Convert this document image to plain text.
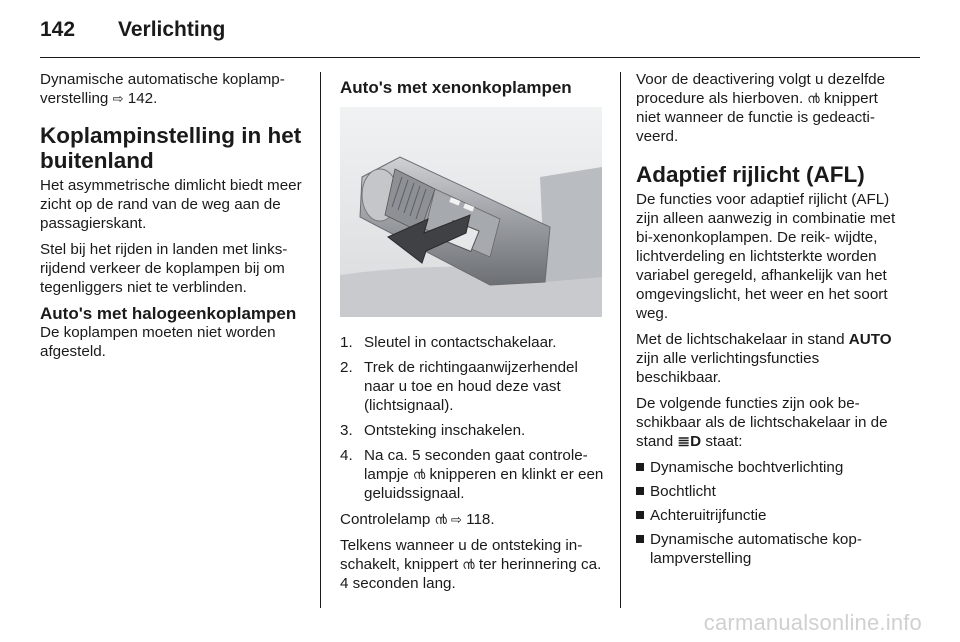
142	Verlichting

Dynamische automatische koplamp- verstelling ⇨ 142.

Koplampinstelling in het buitenland

Het asymmetrische dimlicht biedt meer zicht op de rand van de weg aan de passagierskant.

Stel bij het rijden in landen met links- rijdend verkeer de koplampen bij om tegenliggers niet te verblinden.

Auto's met halogeenkoplampen

De koplampen moeten niet worden afgesteld.

Auto's met xenonkoplampen
1. Sleutel in contactschakelaar.
2. Trek de richtingaanwijzerhendel naar u toe en houd deze vast (lichtsignaal).
3. Ontsteking inschakelen.
4. Na ca. 5 seconden gaat controle- lampje ൯ knipperen en klinkt er een geluidssignaal.

Controlelamp ൯ ⇨ 118.

Telkens wanneer u de ontsteking in- schakelt, knippert ൯ ter herinnering ca. 4 seconden lang.

Voor de deactivering volgt u dezelfde procedure als hierboven. ൯ knippert niet wanneer de functie is gedeacti- veerd.

Adaptief rijlicht (AFL)

De functies voor adaptief rijlicht (AFL) zijn alleen aanwezig in combinatie met bi-xenonkoplampen. De reik- wijdte, lichtverdeling en lichtsterkte worden variabel geregeld, afhankelijk van het omgevingslicht, het weer en het soort weg.

Met de lichtschakelaar in stand AUTO zijn alle verlichtingsfuncties beschikbaar.

De volgende functies zijn ook be- schikbaar als de lichtschakelaar in de stand ≣D staat:

Dynamische bochtverlichting
Bochtlicht
Achteruitrijfunctie
Dynamische automatische kop- lampverstelling
carmanualsonline.info
